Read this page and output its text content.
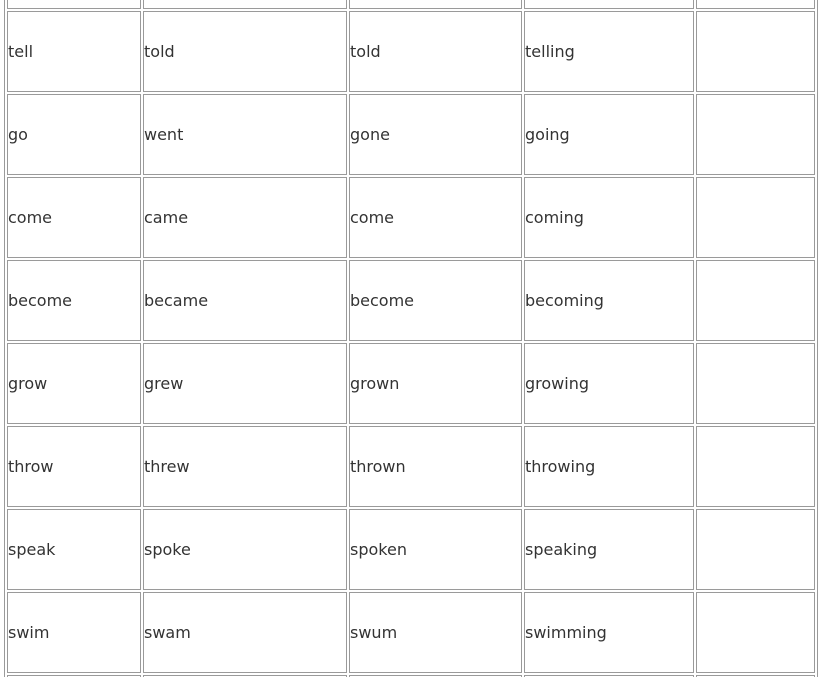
tell	told	told	telling	
go	went	gone	going	
come	came	come	coming	
become	became	become	becoming	
grow	grew	grown	growing	
throw	threw	thrown	throwing	
speak	spoke	spoken	speaking	
swim	swam	swum	swimming	
